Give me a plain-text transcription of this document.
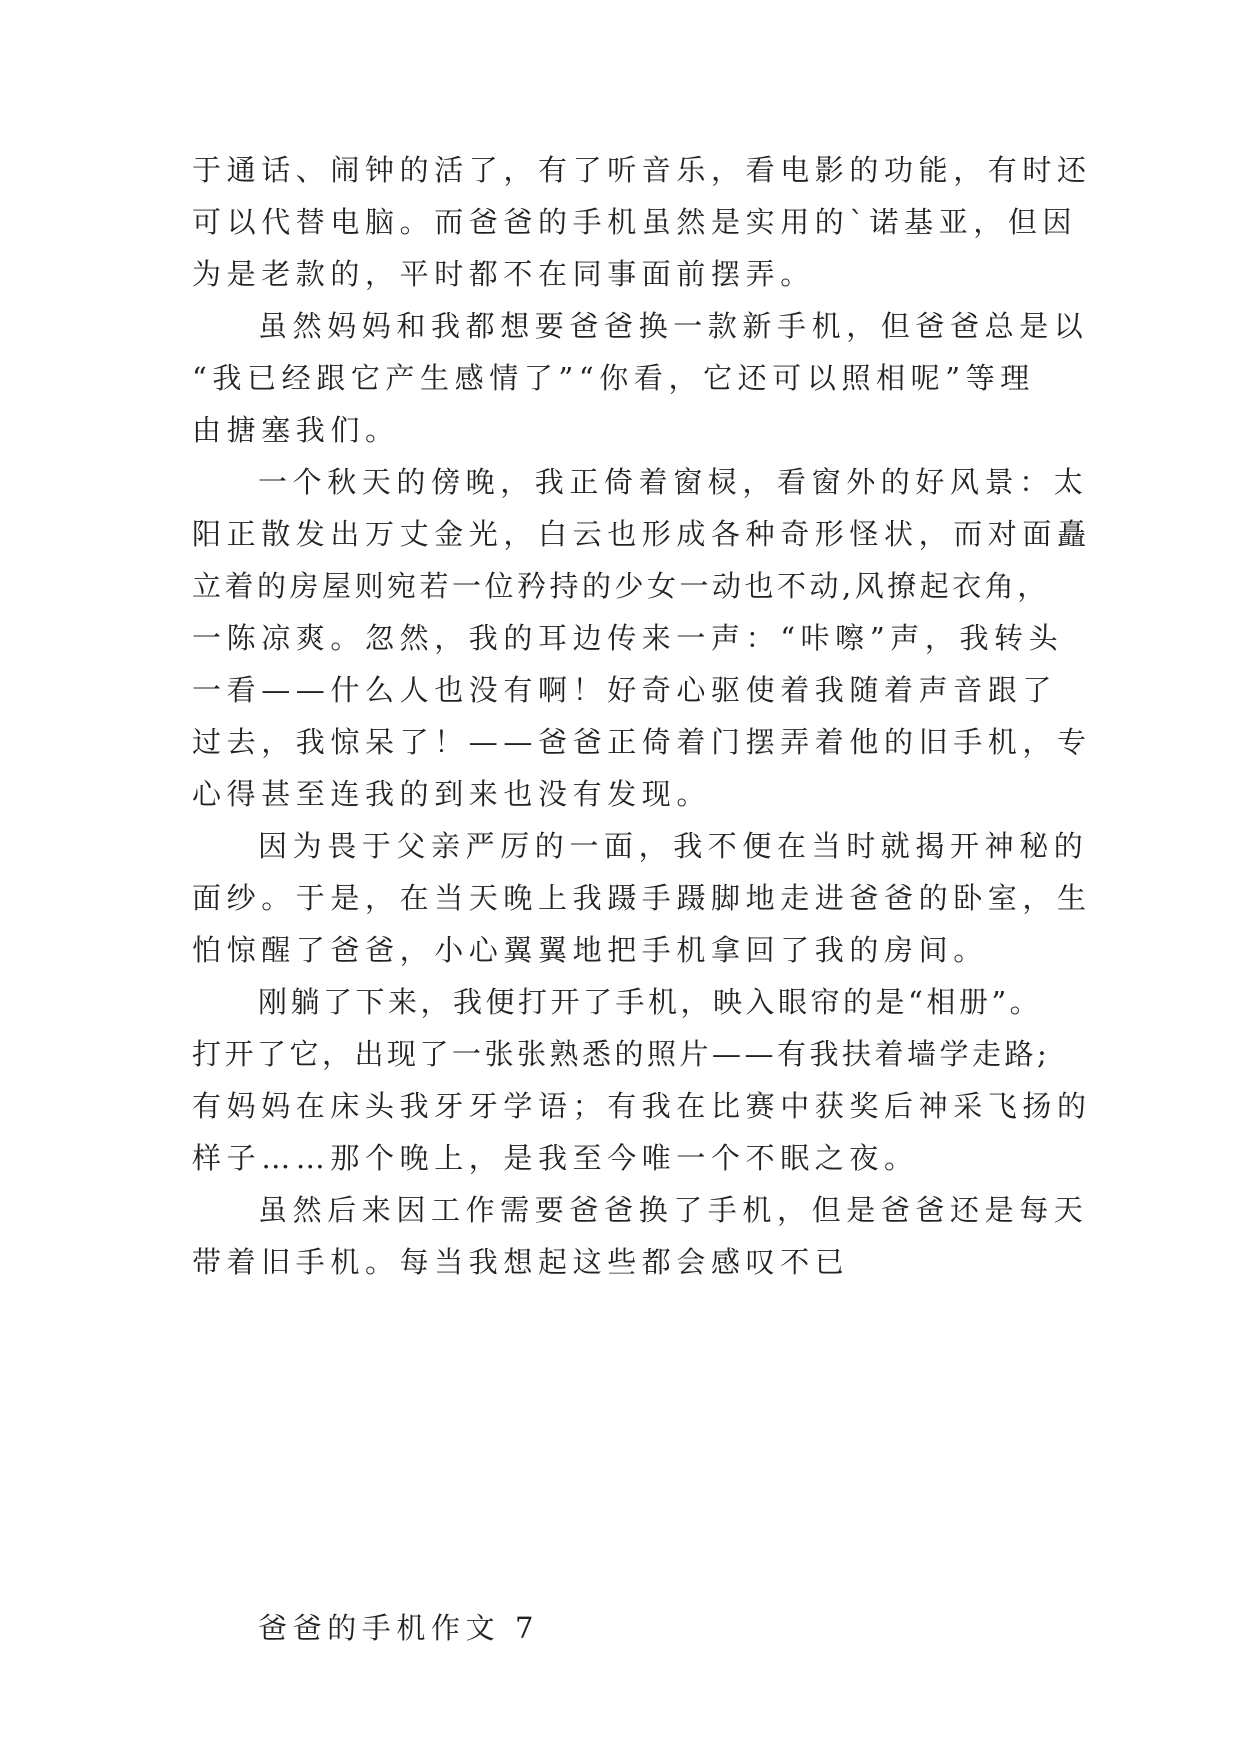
于通话、闹钟的活了，有了听音乐，看电影的功能，有时还
可以代替电脑。而爸爸的手机虽然是实用的`诺基亚，但因
为是老款的，平时都不在同事面前摆弄。
虽然妈妈和我都想要爸爸换一款新手机，但爸爸总是以
“我已经跟它产生感情了”“你看，它还可以照相呢”等理
由搪塞我们。
一个秋天的傍晚，我正倚着窗棂，看窗外的好风景：太
阳正散发出万丈金光，白云也形成各种奇形怪状，而对面矗
立着的房屋则宛若一位矜持的少女一动也不动,风撩起衣角，
一陈凉爽。忽然，我的耳边传来一声：“咔嚓”声，我转头
一看——什么人也没有啊！好奇心驱使着我随着声音跟了
过去，我惊呆了！——爸爸正倚着门摆弄着他的旧手机，专
心得甚至连我的到来也没有发现。
因为畏于父亲严厉的一面，我不便在当时就揭开神秘的
面纱。于是，在当天晚上我蹑手蹑脚地走进爸爸的卧室，生
怕惊醒了爸爸，小心翼翼地把手机拿回了我的房间。
刚躺了下来，我便打开了手机，映入眼帘的是“相册”。
打开了它，出现了一张张熟悉的照片——有我扶着墙学走路;
有妈妈在床头我牙牙学语；有我在比赛中获奖后神采飞扬的
样子……那个晚上，是我至今唯一个不眠之夜。
虽然后来因工作需要爸爸换了手机，但是爸爸还是每天
带着旧手机。每当我想起这些都会感叹不已
爸爸的手机作文 7
